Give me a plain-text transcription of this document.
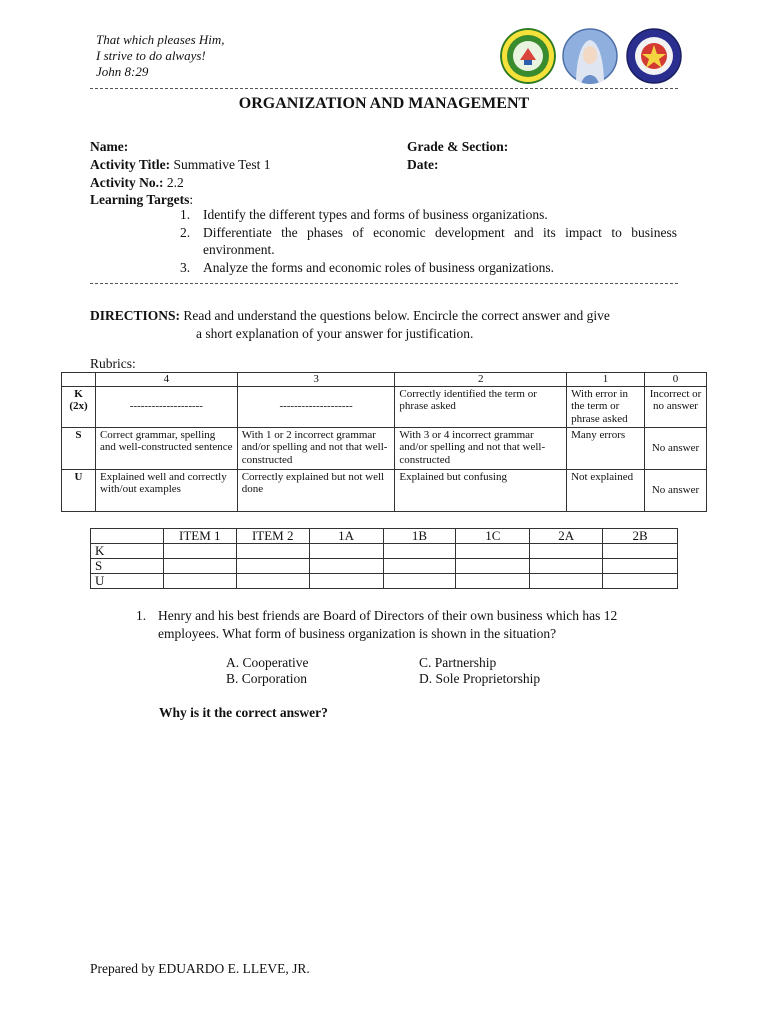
That which pleases Him,
I strive to do always!
John 8:29
ORGANIZATION AND MANAGEMENT
Name:	Grade & Section:
Activity Title: Summative Test 1	Date:
Activity No.: 2.2
Learning Targets:
1. Identify the different types and forms of business organizations.
2. Differentiate the phases of economic development and its impact to business environment.
3. Analyze the forms and economic roles of business organizations.
DIRECTIONS: Read and understand the questions below. Encircle the correct answer and give
a short explanation of your answer for justification.
Rubrics:
	4	3	2	1	0

K
(2x)	--------------------	--------------------	Correctly identified the term or phrase asked	With error in the term or phrase asked	Incorrect or no answer
S	Correct grammar, spelling and well-constructed sentence	With 1 or 2 incorrect grammar and/or spelling and not that well-constructed	With 3 or 4 incorrect grammar and/or spelling and not that well-constructed	Many errors	No answer
U	Explained well and correctly with/out examples	Correctly explained but not well done	Explained but confusing	Not explained	No answer
	ITEM 1	ITEM 2	1A	1B	1C	2A	2B
K							
S							
U							
1. Henry and his best friends are Board of Directors of their own business which has 12 employees. What form of business organization is shown in the situation?
A. Cooperative
B. Corporation
C. Partnership
D. Sole Proprietorship
Why is it the correct answer?
Prepared by EDUARDO E. LLEVE, JR.
